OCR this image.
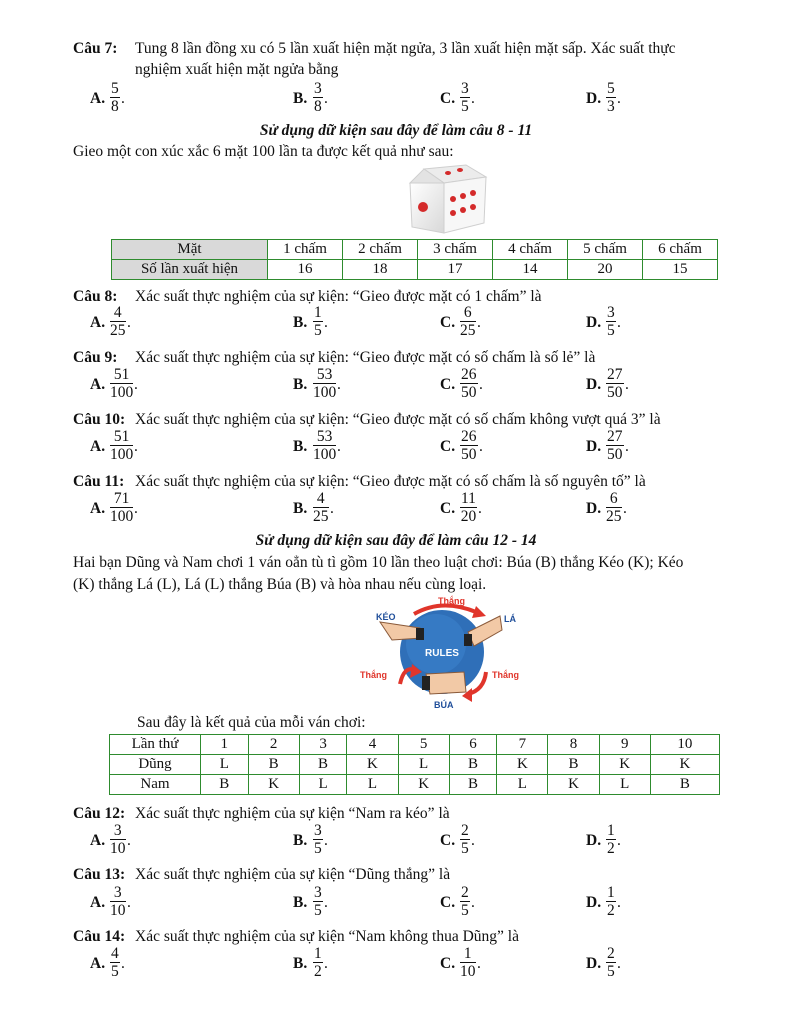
Câu 7: Tung 8 lần đồng xu có 5 lần xuất hiện mặt ngửa, 3 lần xuất hiện mặt sấp. Xác suất thực
nghiệm xuất hiện mặt ngửa bằng
A. $\frac{5}{8}$ .	B. $\frac{3}{8}$ .	C. $\frac{3}{5}$ .	D. $\frac{5}{3}$ .
Sử dụng dữ kiện sau đây để làm câu 8 - 11
Gieo một con xúc xắc 6 mặt 100 lần ta được kết quả như sau:
Mặt	1 chấm	2 chấm	3 chấm	4 chấm	5 chấm	6 chấm
Số lần xuất hiện	16	18	17	14	20	15
Câu 8: Xác suất thực nghiệm của sự kiện: “Gieo được mặt có 1 chấm” là
A. $\frac{4}{25}$ .	B. $\frac{1}{5}$ .	C. $\frac{6}{25}$ .	D. $\frac{3}{5}$ .
Câu 9: Xác suất thực nghiệm của sự kiện: “Gieo được mặt có số chấm là số lẻ” là
A. $\frac{51}{100}$ .	B. $\frac{53}{100}$ .	C. $\frac{26}{50}$ .	D. $\frac{27}{50}$ .
Câu 10: Xác suất thực nghiệm của sự kiện: “Gieo được mặt có số chấm không vượt quá 3” là
A. $\frac{51}{100}$ .	B. $\frac{53}{100}$ .	C. $\frac{26}{50}$ .	D. $\frac{27}{50}$ .
Câu 11: Xác suất thực nghiệm của sự kiện: “Gieo được mặt có số chấm là số nguyên tố” là
A. $\frac{71}{100}$ .	B. $\frac{4}{25}$ .	C. $\frac{11}{20}$ .	D. $\frac{6}{25}$ .
Sử dụng dữ kiện sau đây để làm câu 12 - 14
Hai bạn Dũng và Nam chơi 1 ván oẳn tù tì gồm 10 lần theo luật chơi: Búa (B) thắng Kéo (K); Kéo
(K) thắng Lá (L), Lá (L) thắng Búa (B) và hòa nhau nếu cùng loại.
RULES
KÉO	LÁ
BÚA
Thắng
Thắng	Thắng
Sau đây là kết quả của mỗi ván chơi:
Lần thứ	1	2	3	4	5	6	7	8	9	10
Dũng	L	B	B	K	L	B	K	B	K	K
Nam	B	K	L	L	K	B	L	K	L	B
Câu 12: Xác suất thực nghiệm của sự kiện “Nam ra kéo” là
A. $\frac{3}{10}$ .	B. $\frac{3}{5}$ .	C. $\frac{2}{5}$ .	D. $\frac{1}{2}$ .
Câu 13: Xác suất thực nghiệm của sự kiện “Dũng thắng” là
A. $\frac{3}{10}$ .	B. $\frac{3}{5}$ .	C. $\frac{2}{5}$ .	D. $\frac{1}{2}$ .
Câu 14: Xác suất thực nghiệm của sự kiện “Nam không thua Dũng” là
A. $\frac{4}{5}$ .	B. $\frac{1}{2}$ .	C. $\frac{1}{10}$ .	D. $\frac{2}{5}$ .
